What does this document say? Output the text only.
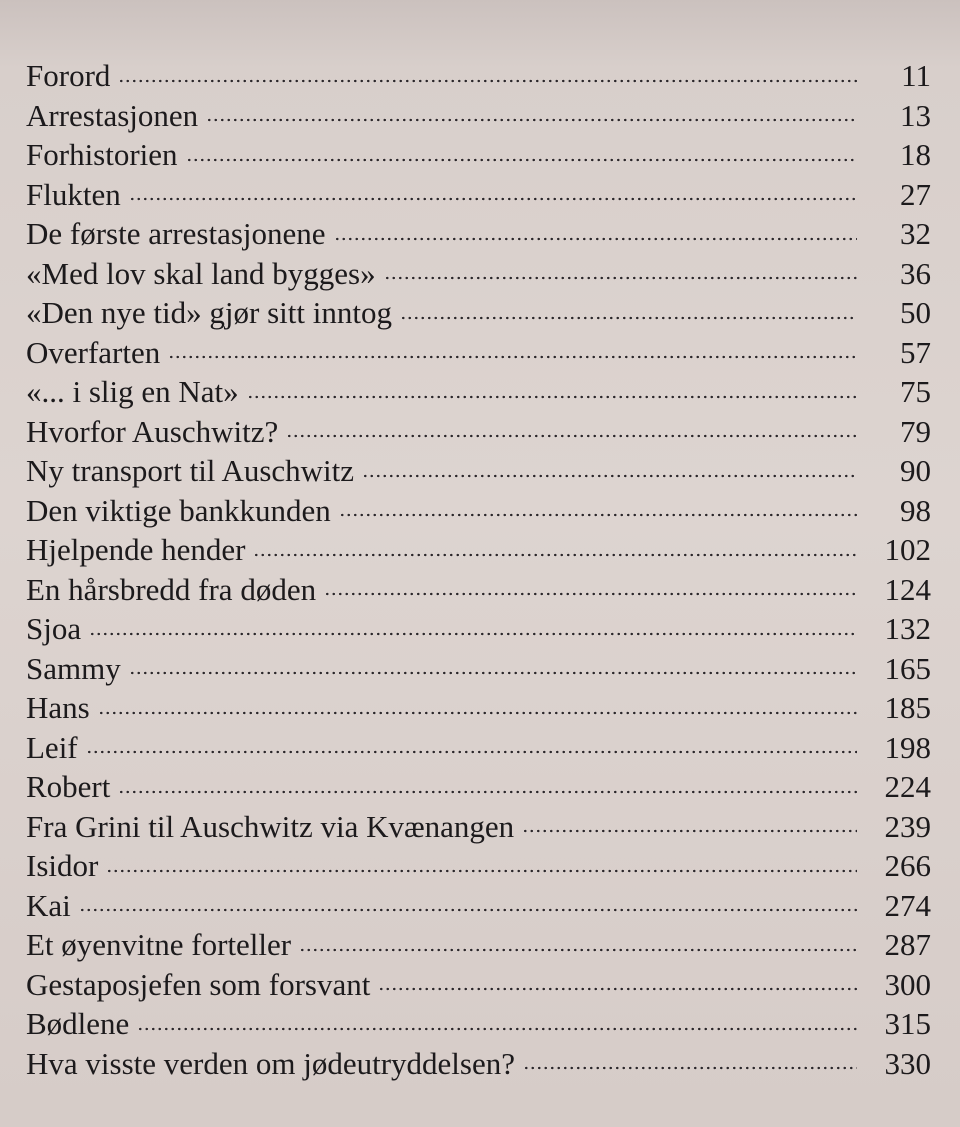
Forord	11
Arrestasjonen	13
Forhistorien	18
Flukten	27
De første arrestasjonene	32
«Med lov skal land bygges»	36
«Den nye tid» gjør sitt inntog	50
Overfarten	57
«... i slig en Nat»	75
Hvorfor Auschwitz?	79
Ny transport til Auschwitz	90
Den viktige bankkunden	98
Hjelpende hender	102
En hårsbredd fra døden	124
Sjoa	132
Sammy	165
Hans	185
Leif	198
Robert	224
Fra Grini til Auschwitz via Kvænangen	239
Isidor	266
Kai	274
Et øyenvitne forteller	287
Gestaposjefen som forsvant	300
Bødlene	315
Hva visste verden om jødeutryddelsen?	330
